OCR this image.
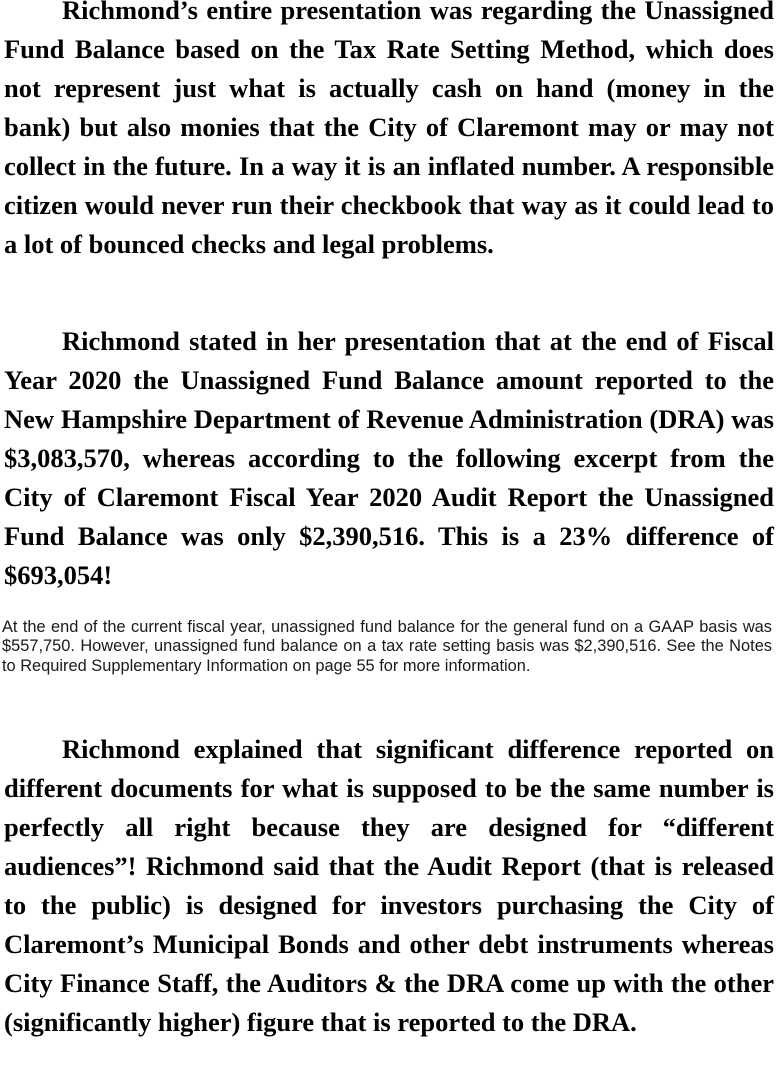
Richmond’s entire presentation was regarding the Unassigned Fund Balance based on the Tax Rate Setting Method, which does not represent just what is actually cash on hand (money in the bank) but also monies that the City of Claremont may or may not collect in the future. In a way it is an inflated number. A responsible citizen would never run their checkbook that way as it could lead to a lot of bounced checks and legal problems.

Richmond stated in her presentation that at the end of Fiscal Year 2020 the Unassigned Fund Balance amount reported to the New Hampshire Department of Revenue Administration (DRA) was $3,083,570, whereas according to the following excerpt from the City of Claremont Fiscal Year 2020 Audit Report the Unassigned Fund Balance was only $2,390,516. This is a 23% difference of $693,054!

At the end of the current fiscal year, unassigned fund balance for the general fund on a GAAP basis was $557,750. However, unassigned fund balance on a tax rate setting basis was $2,390,516. See the Notes to Required Supplementary Information on page 55 for more information.

Richmond explained that significant difference reported on different documents for what is supposed to be the same number is perfectly all right because they are designed for “different audiences”! Richmond said that the Audit Report (that is released to the public) is designed for investors purchasing the City of Claremont’s Municipal Bonds and other debt instruments whereas City Finance Staff, the Auditors & the DRA come up with the other (significantly higher) figure that is reported to the DRA.
